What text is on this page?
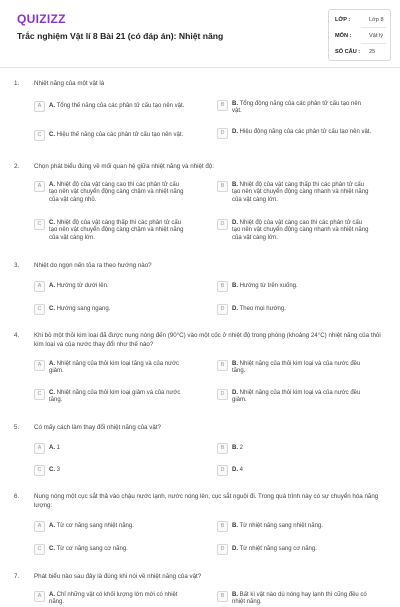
QUIZIZZ
Trắc nghiệm Vật lí 8 Bài 21 (có đáp án): Nhiệt năng
LỚP :	Lớp 8
MÔN :	Vật lý
SỐ CÂU : 25
1. Nhiệt năng của một vật là
A	A. Tổng thế năng của các phân tử cấu tạo nên vật.	B	B. Tổng động năng của các phân tử cấu tạo nên vật.
C	C. Hiệu thế năng của các phân tử cấu tạo nên vật.	D	D. Hiệu động năng của các phân tử cấu tạo nên vật.
2. Chọn phát biểu đúng về mối quan hệ giữa nhiệt năng và nhiệt độ:
A	A. Nhiệt độ của vật càng cao thì các phân tử cấu tạo nên vật chuyển động càng chậm và nhiệt năng của vật càng nhỏ.
B	B. Nhiệt độ của vật càng thấp thì các phân tử cấu tạo nên vật chuyển động càng nhanh và nhiệt năng của vật càng lớn.
C	C. Nhiệt độ của vật càng thấp thì các phân tử cấu tạo nên vật chuyển động càng chậm và nhiệt năng của vật càng lớn.
D	D. Nhiệt độ của vật càng cao thì các phân tử cấu tạo nên vật chuyển động càng nhanh và nhiệt năng của vật càng lớn.
3. Nhiệt do ngọn nến tỏa ra theo hướng nào?
A	A. Hướng từ dưới lên.	B	B. Hướng từ trên xuống.
C	C. Hướng sang ngang.	D	D. Theo mọi hướng.
4. Khi bỏ một thỏi kim loại đã được nung nóng đến (90°C) vào một cốc ở nhiệt độ trong phòng (khoảng 24°C) nhiệt năng của thỏi kim loại và của nước thay đổi như thế nào?
A	A. Nhiệt năng của thỏi kim loại tăng và của nước giảm.
B	B. Nhiệt năng của thỏi kim loại và của nước đều tăng.
C	C. Nhiệt năng của thỏi kim loại giảm và của nước tăng.
D	D. Nhiệt năng của thỏi kim loại và của nước đều giảm.
5. Có mấy cách làm thay đổi nhiệt năng của vật?
A	A. 1	B	B. 2
C	C. 3	D	D. 4
6. Nung nóng một cục sắt thả vào chậu nước lạnh, nước nóng lên, cục sắt nguội đi. Trong quá trình này có sự chuyển hóa năng lượng:
A	A. Từ cơ năng sang nhiệt năng.	B	B. Từ nhiệt năng sang nhiệt năng.
C	C. Từ cơ năng sang cơ năng.	D	D. Từ nhiệt năng sang cơ năng.
7. Phát biểu nào sau đây là đúng khi nói về nhiệt năng của vật?
A	A. Chỉ những vật có khối lượng lớn mới có nhiệt năng.
B	B. Bất kì vật nào dù nóng hay lạnh thì cũng đều có nhiệt năng.
